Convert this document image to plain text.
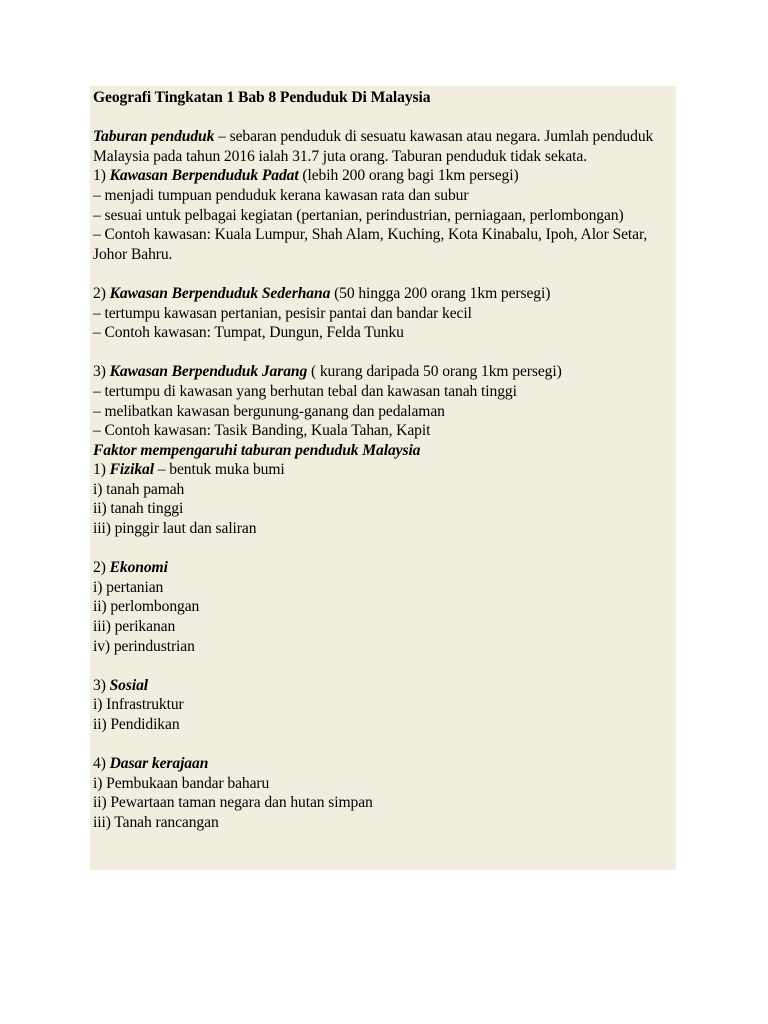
Geografi Tingkatan 1 Bab 8 Penduduk Di Malaysia
Taburan penduduk – sebaran penduduk di sesuatu kawasan atau negara. Jumlah penduduk Malaysia pada tahun 2016 ialah 31.7 juta orang. Taburan penduduk tidak sekata.
1) Kawasan Berpenduduk Padat (lebih 200 orang bagi 1km persegi)
– menjadi tumpuan penduduk kerana kawasan rata dan subur
– sesuai untuk pelbagai kegiatan (pertanian, perindustrian, perniagaan, perlombongan)
– Contoh kawasan: Kuala Lumpur, Shah Alam, Kuching, Kota Kinabalu, Ipoh, Alor Setar, Johor Bahru.
2) Kawasan Berpenduduk Sederhana (50 hingga 200 orang 1km persegi)
– tertumpu kawasan pertanian, pesisir pantai dan bandar kecil
– Contoh kawasan: Tumpat, Dungun, Felda Tunku
3) Kawasan Berpenduduk Jarang ( kurang daripada 50 orang 1km persegi)
– tertumpu di kawasan yang berhutan tebal dan kawasan tanah tinggi
– melibatkan kawasan bergunung-ganang dan pedalaman
– Contoh kawasan: Tasik Banding, Kuala Tahan, Kapit
Faktor mempengaruhi taburan penduduk Malaysia
1) Fizikal – bentuk muka bumi
i) tanah pamah
ii) tanah tinggi
iii) pinggir laut dan saliran
2) Ekonomi
i) pertanian
ii) perlombongan
iii) perikanan
iv) perindustrian
3) Sosial
i) Infrastruktur
ii) Pendidikan
4) Dasar kerajaan
i) Pembukaan bandar baharu
ii) Pewartaan taman negara dan hutan simpan
iii) Tanah rancangan
